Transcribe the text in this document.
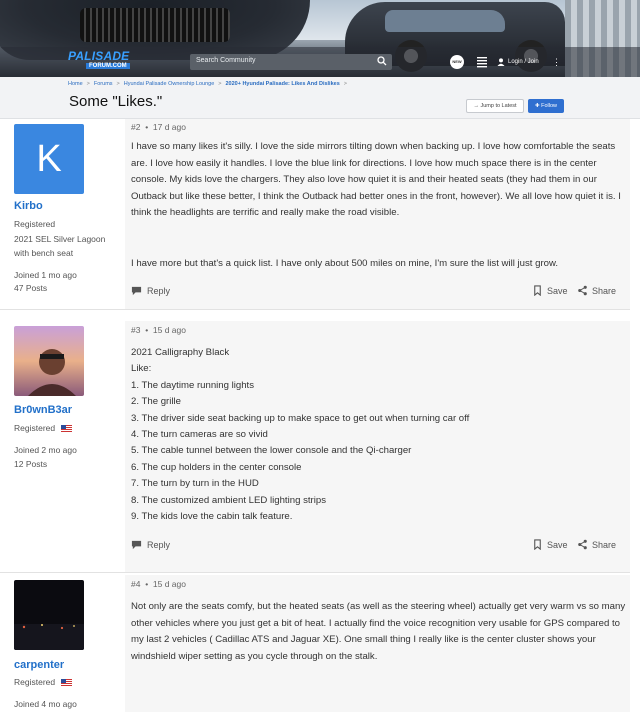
PALISADE
FORUM.COM
Search Community	NEW	Login / Join ⋮
Home > Forums > Hyundai Palisade Ownership Lounge > 2020+ Hyundai Palisade: Likes And Dislikes >
Some "Likes."	→ Jump to Latest	✚ Follow
K
Kirbo
Registered
2021 SEL Silver Lagoon
with bench seat
Joined 1 mo ago
47 Posts
#2  •  17 d ago
I have so many likes it's silly. I love the side mirrors tilting down when backing up. I love how comfortable the seats are. I love how easily it handles. I love the blue link for directions. I love how much space there is in the center console. My kids love the chargers. They also love how quiet it is and their heated seats (they had them in our Outback but like these better, I think the Outback had better ones in the front, however). We all love how quiet it is. I think the headlights are terrific and really make the road visible.
I have more but that's a quick list. I have only about 500 miles on mine, I'm sure the list will just grow.
Reply	Save	Share
Br0wnB3ar
Registered
Joined 2 mo ago
12 Posts
#3  •  15 d ago
2021 Calligraphy Black
Like:
1. The daytime running lights
2. The grille
3. The driver side seat backing up to make space to get out when turning car off
4. The turn cameras are so vivid
5. The cable tunnel between the lower console and the Qi-charger
6. The cup holders in the center console
7. The turn by turn in the HUD
8. The customized ambient LED lighting strips
9. The kids love the cabin talk feature.
Reply	Save	Share
carpenter
Registered
Joined 4 mo ago
#4  •  15 d ago
Not only are the seats comfy, but the heated seats (as well as the steering wheel) actually get very warm vs so many other vehicles where you just get a bit of heat. I actually find the voice recognition very usable for GPS compared to my last 2 vehicles ( Cadillac ATS and Jaguar XE). One small thing I really like is the center cluster shows your windshield wiper setting as you cycle through on the stalk.
